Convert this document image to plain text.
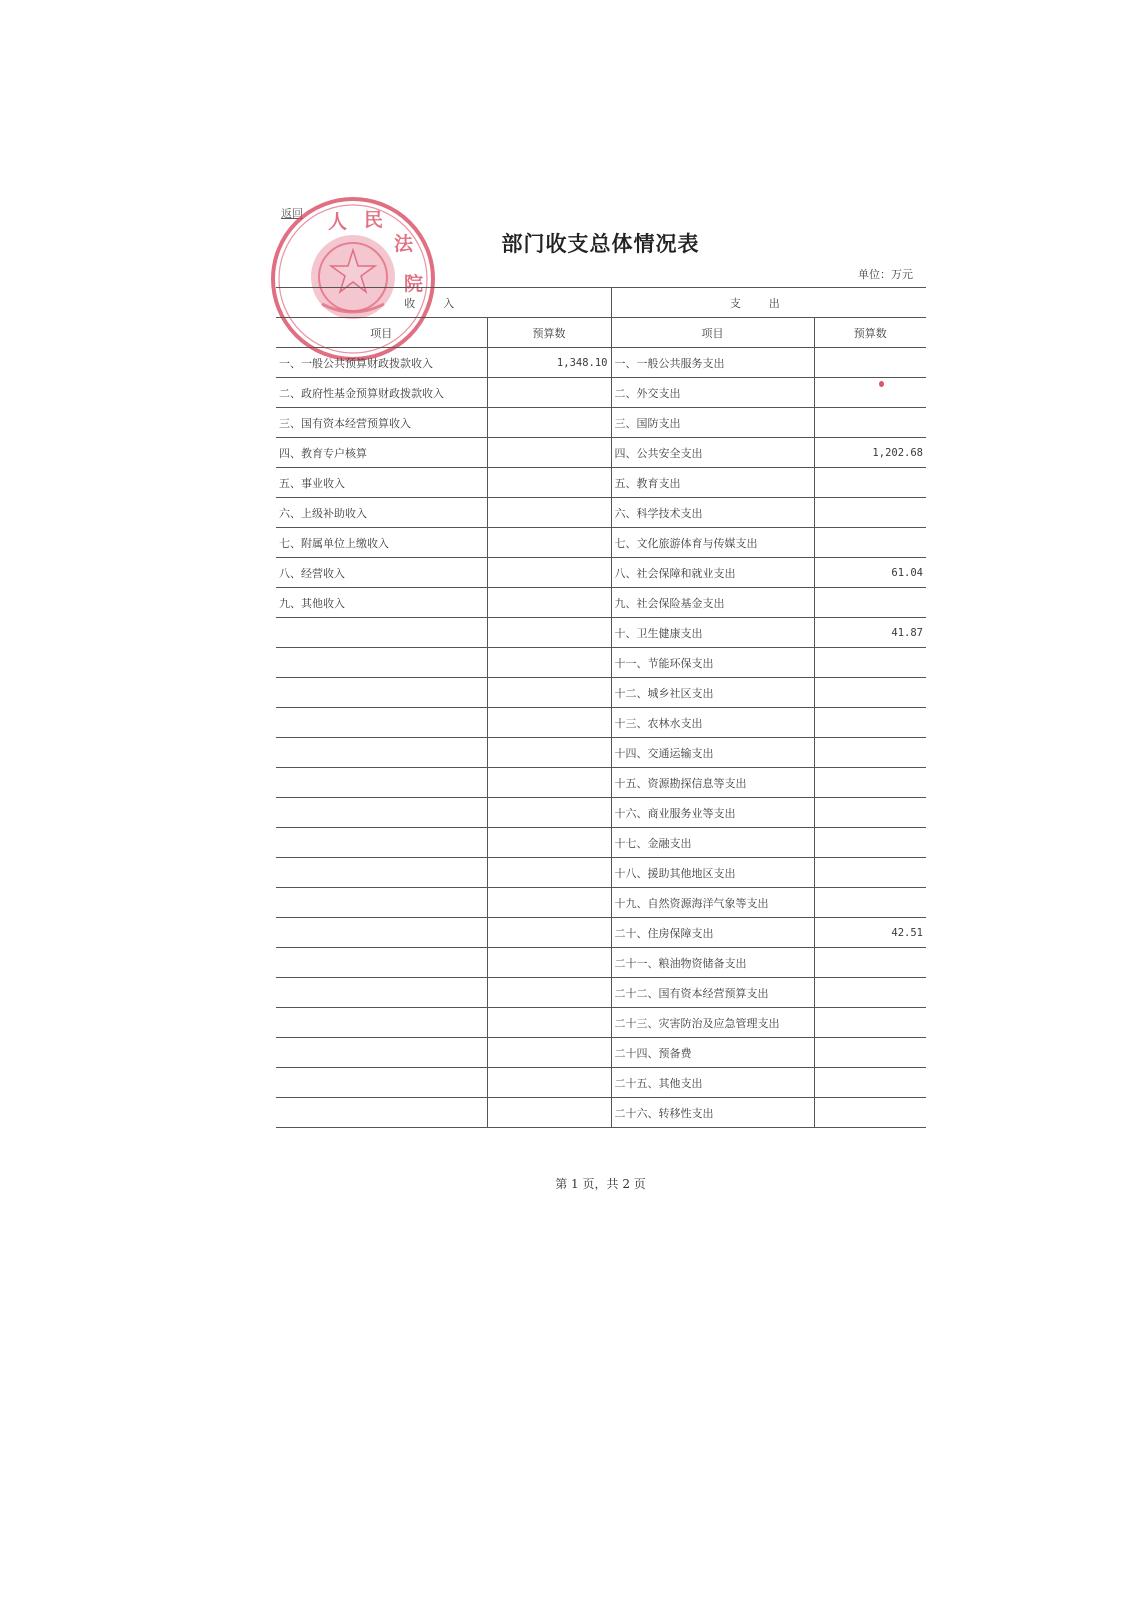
返回 人 民
法
院
部门收支总体情况表
单位：万元
收入		支出	
项目	预算数	项目	预算数
一、一般公共预算财政拨款收入	1,348.10	一、一般公共服务支出	
二、政府性基金预算财政拨款收入		二、外交支出	
三、国有资本经营预算收入		三、国防支出	
四、教育专户核算		四、公共安全支出	1,202.68
五、事业收入		五、教育支出	
六、上级补助收入		六、科学技术支出	
七、附属单位上缴收入		七、文化旅游体育与传媒支出	
八、经营收入		八、社会保障和就业支出	61.04
九、其他收入		九、社会保险基金支出	
		十、卫生健康支出	41.87
		十一、节能环保支出	
		十二、城乡社区支出	
		十三、农林水支出	
		十四、交通运输支出	
		十五、资源勘探信息等支出	
		十六、商业服务业等支出	
		十七、金融支出	
		十八、援助其他地区支出	
		十九、自然资源海洋气象等支出	
		二十、住房保障支出	42.51
		二十一、粮油物资储备支出	
		二十二、国有资本经营预算支出	
		二十三、灾害防治及应急管理支出	
		二十四、预备费	
		二十五、其他支出	
		二十六、转移性支出	
第 1 页，共 2 页
